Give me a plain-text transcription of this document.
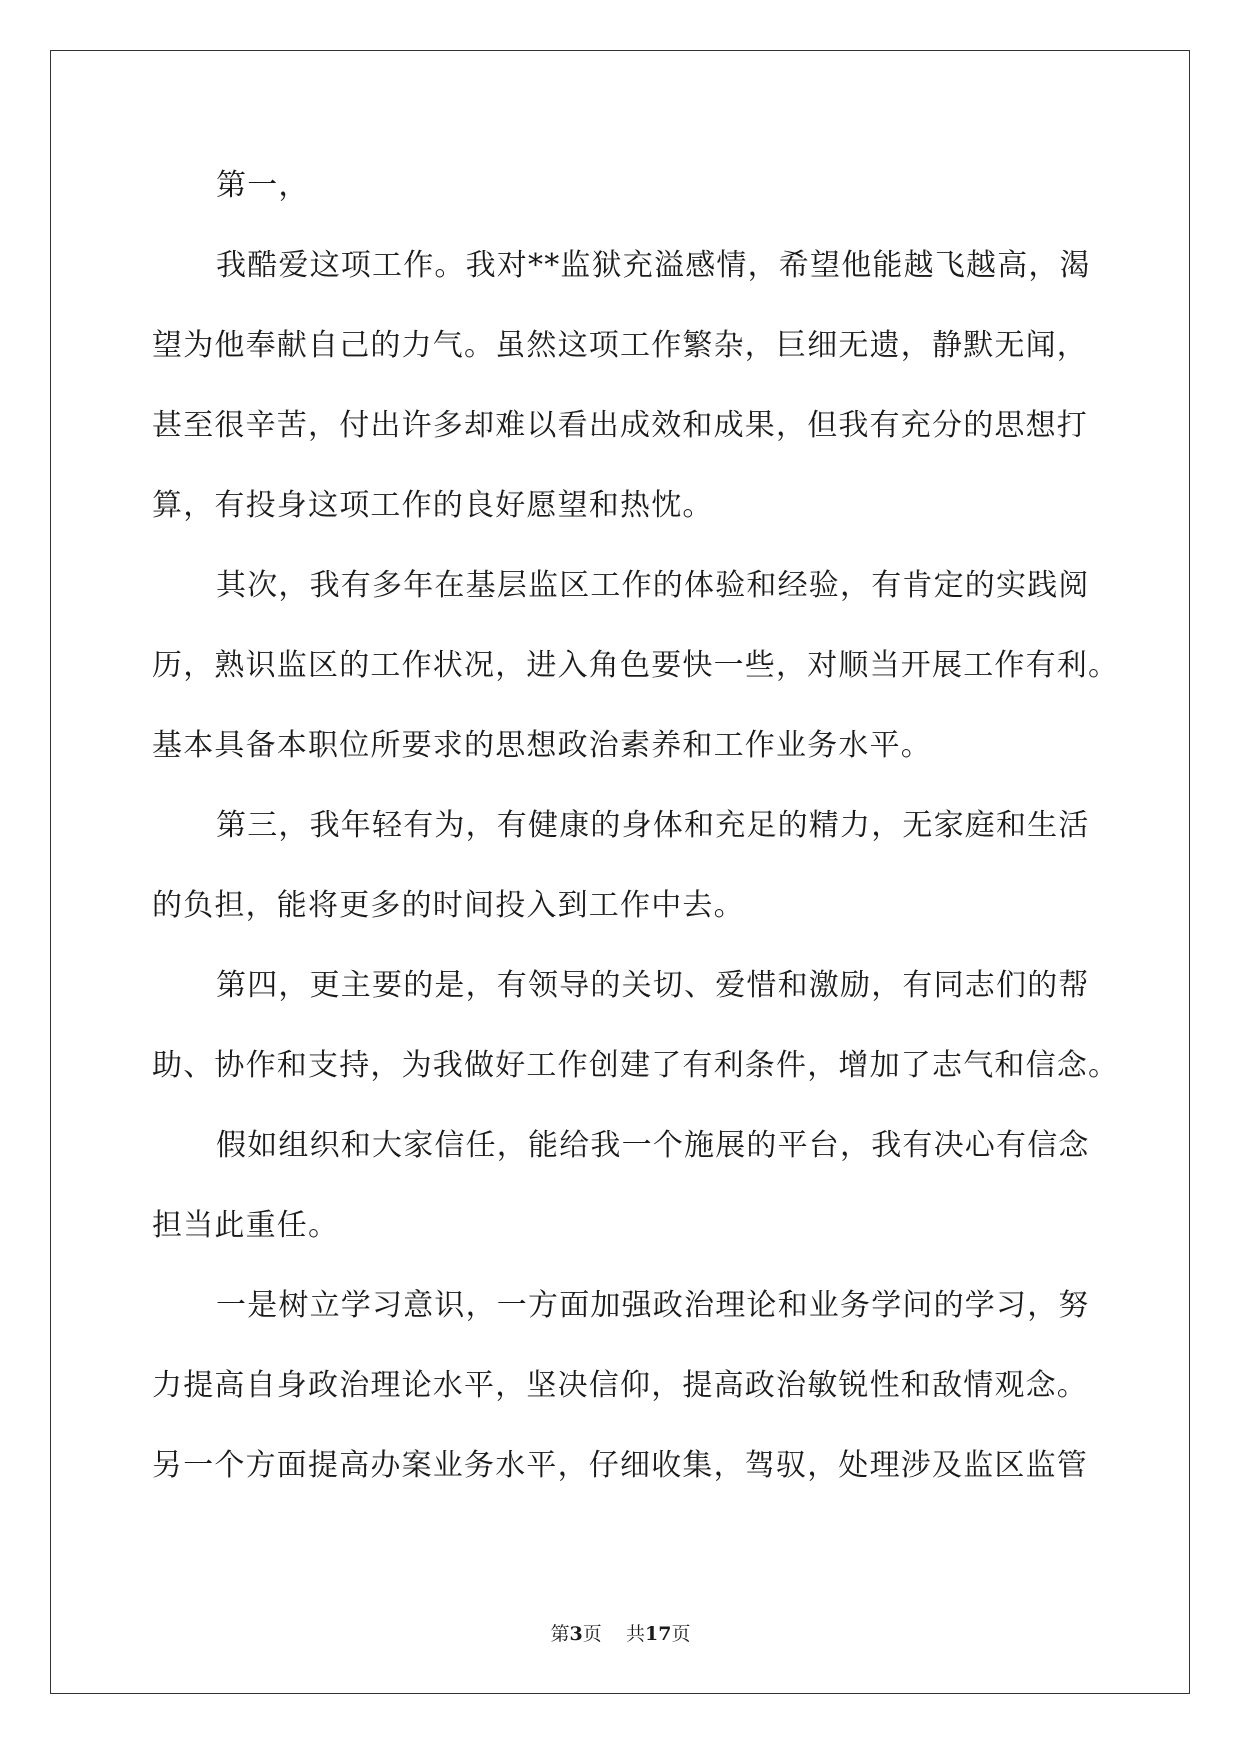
第一，
我酷爱这项工作。我对**监狱充溢感情，希望他能越飞越高，渴
望为他奉献自己的力气。虽然这项工作繁杂，巨细无遗，静默无闻，
甚至很辛苦，付出许多却难以看出成效和成果，但我有充分的思想打
算，有投身这项工作的良好愿望和热忱。
其次，我有多年在基层监区工作的体验和经验，有肯定的实践阅
历，熟识监区的工作状况，进入角色要快一些，对顺当开展工作有利。
基本具备本职位所要求的思想政治素养和工作业务水平。
第三，我年轻有为，有健康的身体和充足的精力，无家庭和生活
的负担，能将更多的时间投入到工作中去。
第四，更主要的是，有领导的关切、爱惜和激励，有同志们的帮
助、协作和支持，为我做好工作创建了有利条件，增加了志气和信念。
假如组织和大家信任，能给我一个施展的平台，我有决心有信念
担当此重任。
一是树立学习意识，一方面加强政治理论和业务学问的学习，努
力提高自身政治理论水平，坚决信仰，提高政治敏锐性和敌情观念。
另一个方面提高办案业务水平，仔细收集，驾驭，处理涉及监区监管
第3页 共17页
